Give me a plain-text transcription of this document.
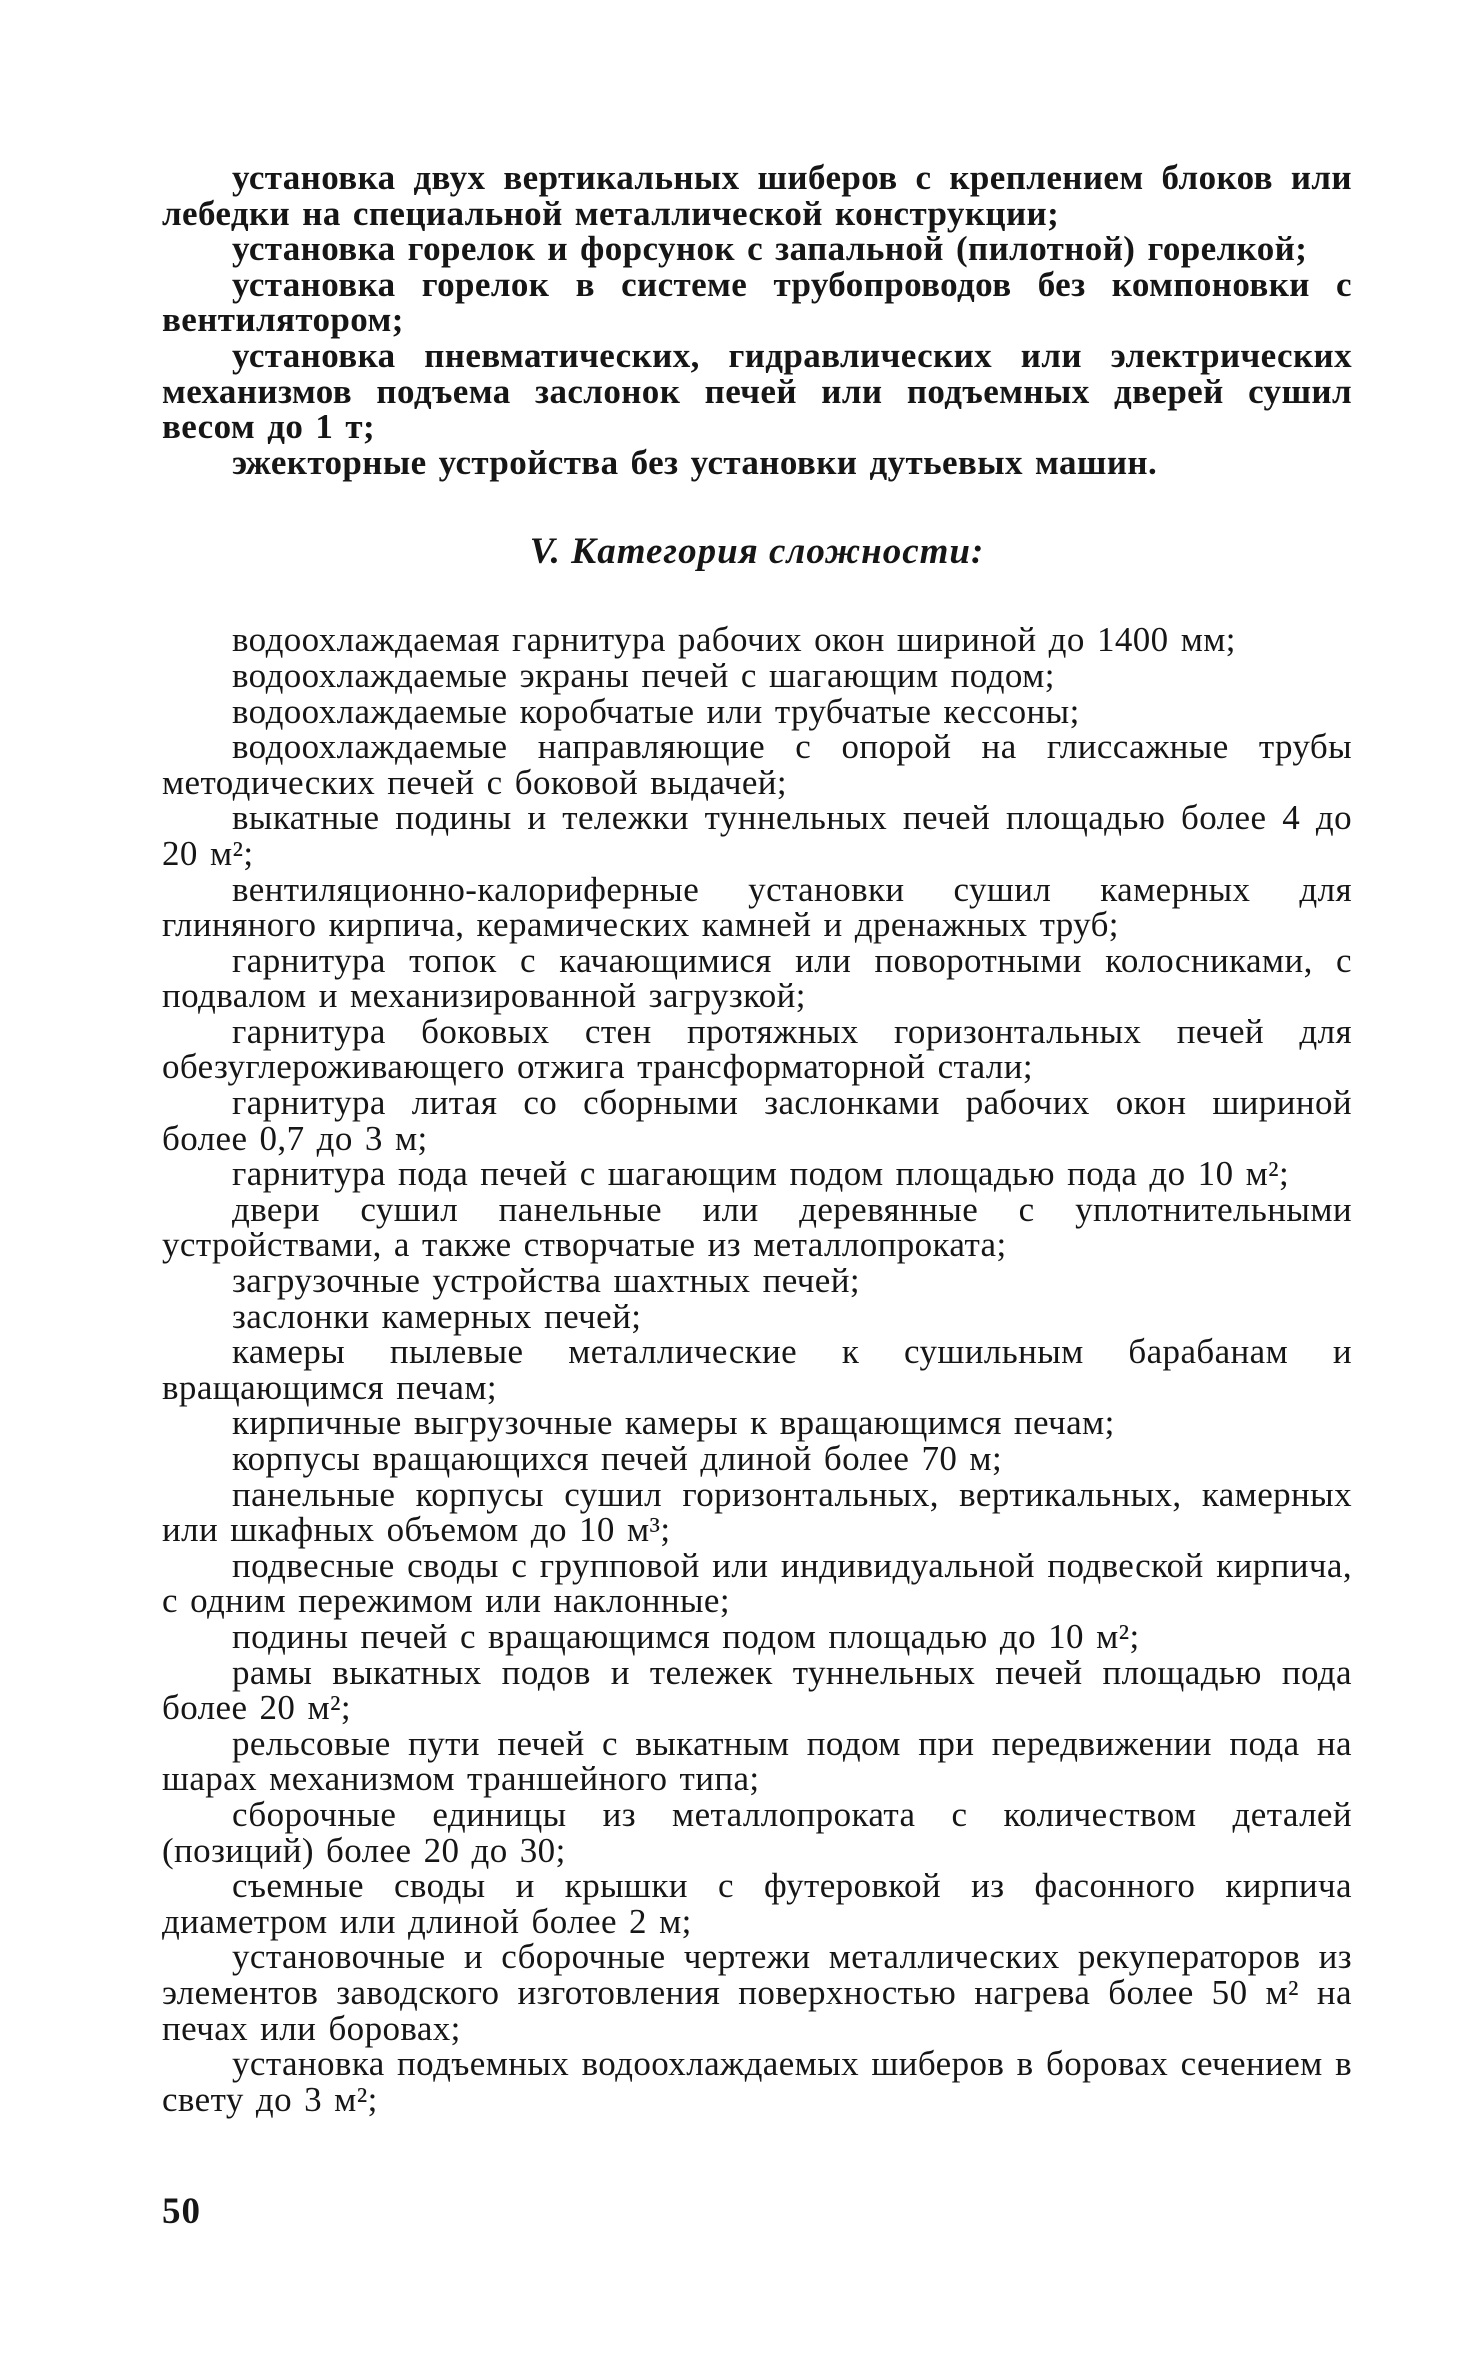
установка двух вертикальных шиберов с креплением блоков или лебедки на специальной металлической конструкции;

установка горелок и форсунок с запальной (пилотной) горелкой;

установка горелок в системе трубопроводов без компоновки с вентилятором;

установка пневматических, гидравлических или электрических механизмов подъема заслонок печей или подъемных дверей сушил весом до 1 т;

эжекторные устройства без установки дутьевых машин.

V. Категория сложности:

водоохлаждаемая гарнитура рабочих окон шириной до 1400 мм;

водоохлаждаемые экраны печей с шагающим подом;

водоохлаждаемые коробчатые или трубчатые кессоны;

водоохлаждаемые направляющие с опорой на глиссажные трубы методических печей с боковой выдачей;

выкатные подины и тележки туннельных печей площадью более 4 до 20 м²;

вентиляционно-калориферные установки сушил камерных для глиняного кирпича, керамических камней и дренажных труб;

гарнитура топок с качающимися или поворотными колосниками, с подвалом и механизированной загрузкой;

гарнитура боковых стен протяжных горизонтальных печей для обезуглероживающего отжига трансформаторной стали;

гарнитура литая со сборными заслонками рабочих окон шириной более 0,7 до 3 м;

гарнитура пода печей с шагающим подом площадью пода до 10 м²;

двери сушил панельные или деревянные с уплотнительными устройствами, а также створчатые из металлопроката;

загрузочные устройства шахтных печей;

заслонки камерных печей;

камеры пылевые металлические к сушильным барабанам и вращающимся печам;

кирпичные выгрузочные камеры к вращающимся печам;

корпусы вращающихся печей длиной более 70 м;

панельные корпусы сушил горизонтальных, вертикальных, камерных или шкафных объемом до 10 м³;

подвесные своды с групповой или индивидуальной подвеской кирпича, с одним пережимом или наклонные;

подины печей с вращающимся подом площадью до 10 м²;

рамы выкатных подов и тележек туннельных печей площадью пода более 20 м²;

рельсовые пути печей с выкатным подом при передвижении пода на шарах механизмом траншейного типа;

сборочные единицы из металлопроката с количеством деталей (позиций) более 20 до 30;

съемные своды и крышки с футеровкой из фасонного кирпича диаметром или длиной более 2 м;

установочные и сборочные чертежи металлических рекуператоров из элементов заводского изготовления поверхностью нагрева более 50 м² на печах или боровах;

установка подъемных водоохлаждаемых шиберов в боровах сечением в свету до 3 м²;

50
